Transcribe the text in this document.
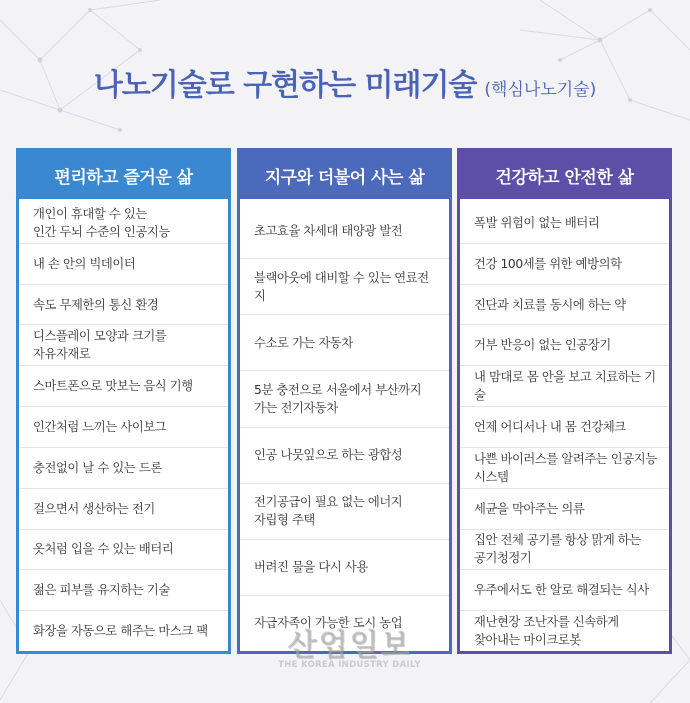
나노기술로 구현하는 미래기술 (핵심나노기술)
편리하고 즐거운 삶
개인이 휴대할 수 있는
인간 두뇌 수준의 인공지능
내 손 안의 빅데이터
속도 무제한의 통신 환경
디스플레이 모양과 크기를
자유자재로
스마트폰으로 맛보는 음식 기행
인간처럼 느끼는 사이보그
충전없이 날 수 있는 드론
걸으면서 생산하는 전기
옷처럼 입을 수 있는 배터리
젊은 피부를 유지하는 기술
화장을 자동으로 해주는 마스크 팩
지구와 더불어 사는 삶
초고효율 차세대 태양광 발전
블랙아웃에 대비할 수 있는 연료전지
수소로 가는 자동차
5분 충전으로 서울에서 부산까지
가는 전기자동차
인공 나뭇잎으로 하는 광합성
전기공급이 필요 없는 에너지
자립형 주택
버려진 물을 다시 사용
자급자족이 가능한 도시 농업
건강하고 안전한 삶
폭발 위험이 없는 배터리
건강 100세를 위한 예방의학
진단과 치료를 동시에 하는 약
거부 반응이 없는 인공장기
내 맘대로 몸 안을 보고 치료하는 기술
언제 어디서나 내 몸 건강체크
나쁜 바이러스를 알려주는 인공지능
시스템
세균을 막아주는 의류
집안 전체 공기를 항상 맑게 하는
공기청정기
우주에서도 한 알로 해결되는 식사
재난현장 조난자를 신속하게
찾아내는 마이크로봇
산업일보
THE KOREA INDUSTRY DAILY
